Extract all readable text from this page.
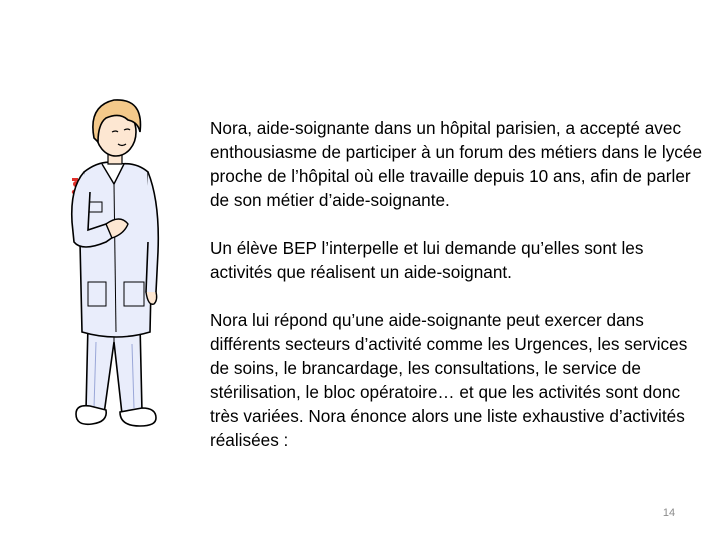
Nora, aide-soignante dans un hôpital parisien, a accepté avec enthousiasme de participer à un forum des métiers dans le lycée proche de l’hôpital où elle travaille depuis 10 ans, afin de parler de son métier d’aide-soignante.

Un élève BEP l’interpelle et lui demande qu’elles sont les activités que réalisent un aide-soignant.

Nora lui répond qu’une aide-soignante peut exercer dans différents secteurs d’activité comme les Urgences, les services de soins, le brancardage, les consultations, le service de stérilisation, le bloc opératoire… et que les activités sont donc très variées. Nora énonce alors une liste exhaustive d’activités réalisées :

14
